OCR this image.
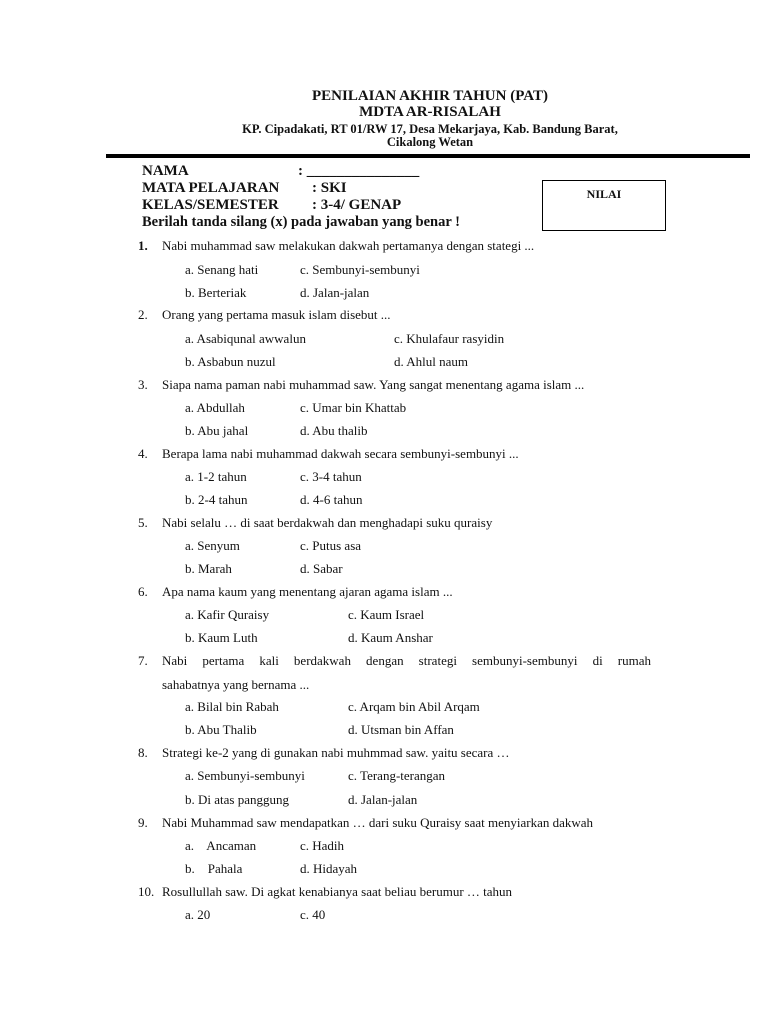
PENILAIAN AKHIR TAHUN (PAT)
MDTA AR-RISALAH
KP. Cipadakati, RT 01/RW 17, Desa Mekarjaya, Kab. Bandung Barat,
Cikalong Wetan
NAMA	: _______________
MATA PELAJARAN : SKI
KELAS/SEMESTER : 3-4/ GENAP
NILAI
Berilah tanda silang (x) pada jawaban yang benar !
1. Nabi muhammad saw melakukan dakwah pertamanya dengan stategi ...
a. Senang hati	c. Sembunyi-sembunyi
b. Berteriak	d. Jalan-jalan
2. Orang yang pertama masuk islam disebut ...
a. Asabiqunal awwalun	c. Khulafaur rasyidin
b. Asbabun nuzul	d. Ahlul naum
3. Siapa nama paman nabi muhammad saw. Yang sangat menentang agama islam ...
a. Abdullah	c. Umar bin Khattab
b. Abu jahal	d. Abu thalib
4. Berapa lama nabi muhammad dakwah secara sembunyi-sembunyi ...
a. 1-2 tahun	c. 3-4 tahun
b. 2-4 tahun	d. 4-6 tahun
5. Nabi selalu … di saat berdakwah dan menghadapi suku quraisy
a. Senyum	c. Putus asa
b. Marah	d. Sabar
6. Apa nama kaum yang menentang ajaran agama islam ...
a. Kafir Quraisy	c. Kaum Israel
b. Kaum Luth	d. Kaum Anshar
7. Nabi pertama kali berdakwah dengan strategi sembunyi-sembunyi di rumah
sahabatnya yang bernama ...
a. Bilal bin Rabah	c. Arqam bin Abil Arqam
b. Abu Thalib	d. Utsman bin Affan
8. Strategi ke-2 yang di gunakan nabi muhmmad saw. yaitu secara …
a. Sembunyi-sembunyi	c. Terang-terangan
b. Di atas panggung	d. Jalan-jalan
9. Nabi Muhammad saw mendapatkan … dari suku Quraisy saat menyiarkan dakwah
a.    Ancaman	c. Hadih
b.    Pahala	d. Hidayah
10. Rosullullah saw. Di agkat kenabianya saat beliau berumur … tahun
a. 20	c. 40
